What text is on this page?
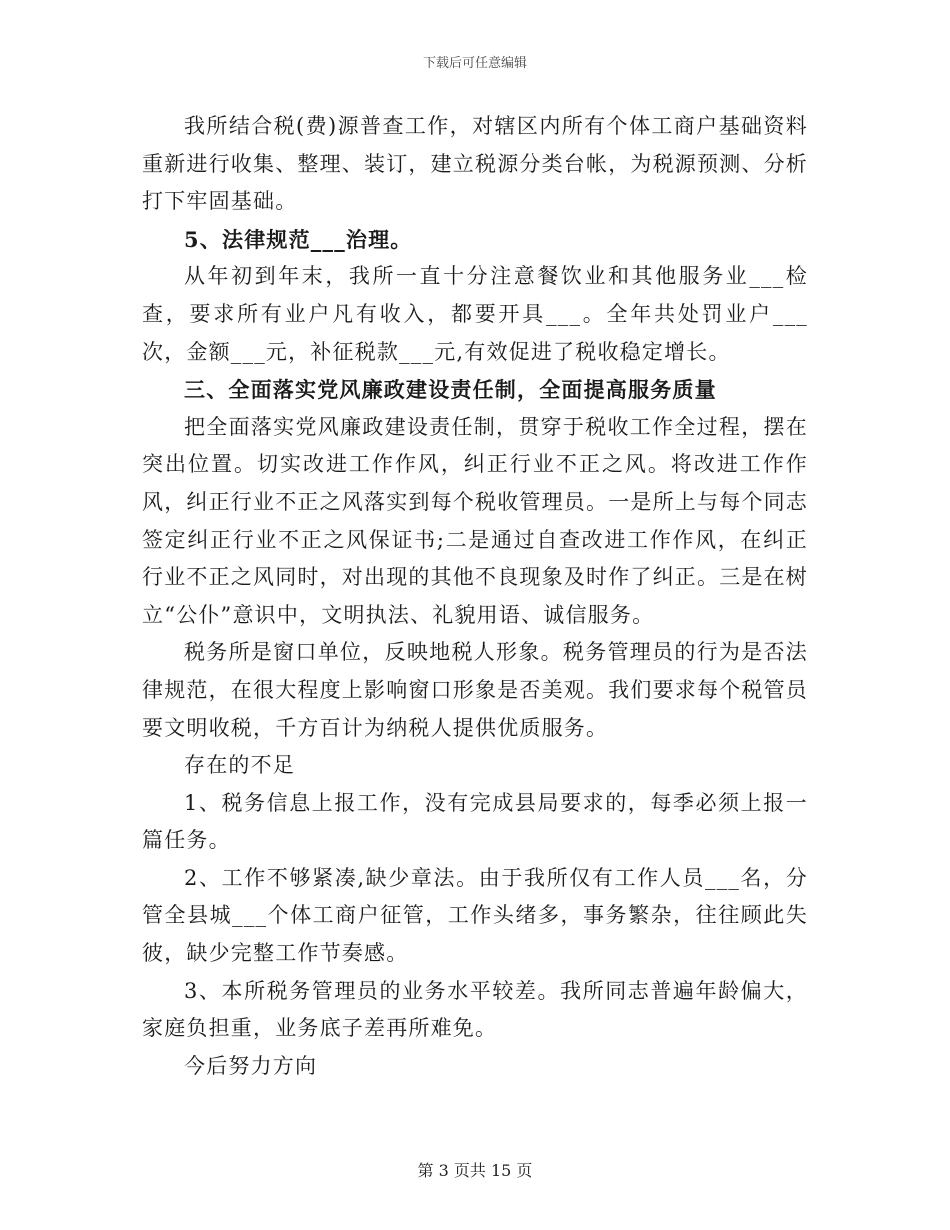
下载后可任意编辑

我所结合税(费)源普查工作，对辖区内所有个体工商户基础资料重新进行收集、整理、装订，建立税源分类台帐，为税源预测、分析打下牢固基础。

5、法律规范___治理。

从年初到年末，我所一直十分注意餐饮业和其他服务业___检查，要求所有业户凡有收入，都要开具___。全年共处罚业户___次，金额___元，补征税款___元,有效促进了税收稳定增长。

三、全面落实党风廉政建设责任制，全面提高服务质量

把全面落实党风廉政建设责任制，贯穿于税收工作全过程，摆在突出位置。切实改进工作作风，纠正行业不正之风。将改进工作作风，纠正行业不正之风落实到每个税收管理员。一是所上与每个同志签定纠正行业不正之风保证书;二是通过自查改进工作作风，在纠正行业不正之风同时，对出现的其他不良现象及时作了纠正。三是在树立“公仆”意识中，文明执法、礼貌用语、诚信服务。

税务所是窗口单位，反映地税人形象。税务管理员的行为是否法律规范，在很大程度上影响窗口形象是否美观。我们要求每个税管员要文明收税，千方百计为纳税人提供优质服务。

存在的不足

1、税务信息上报工作，没有完成县局要求的，每季必须上报一篇任务。

2、工作不够紧凑,缺少章法。由于我所仅有工作人员___名，分管全县城___个体工商户征管，工作头绪多，事务繁杂，往往顾此失彼，缺少完整工作节奏感。

3、本所税务管理员的业务水平较差。我所同志普遍年龄偏大，家庭负担重，业务底子差再所难免。

今后努力方向

第 3 页共 15 页
